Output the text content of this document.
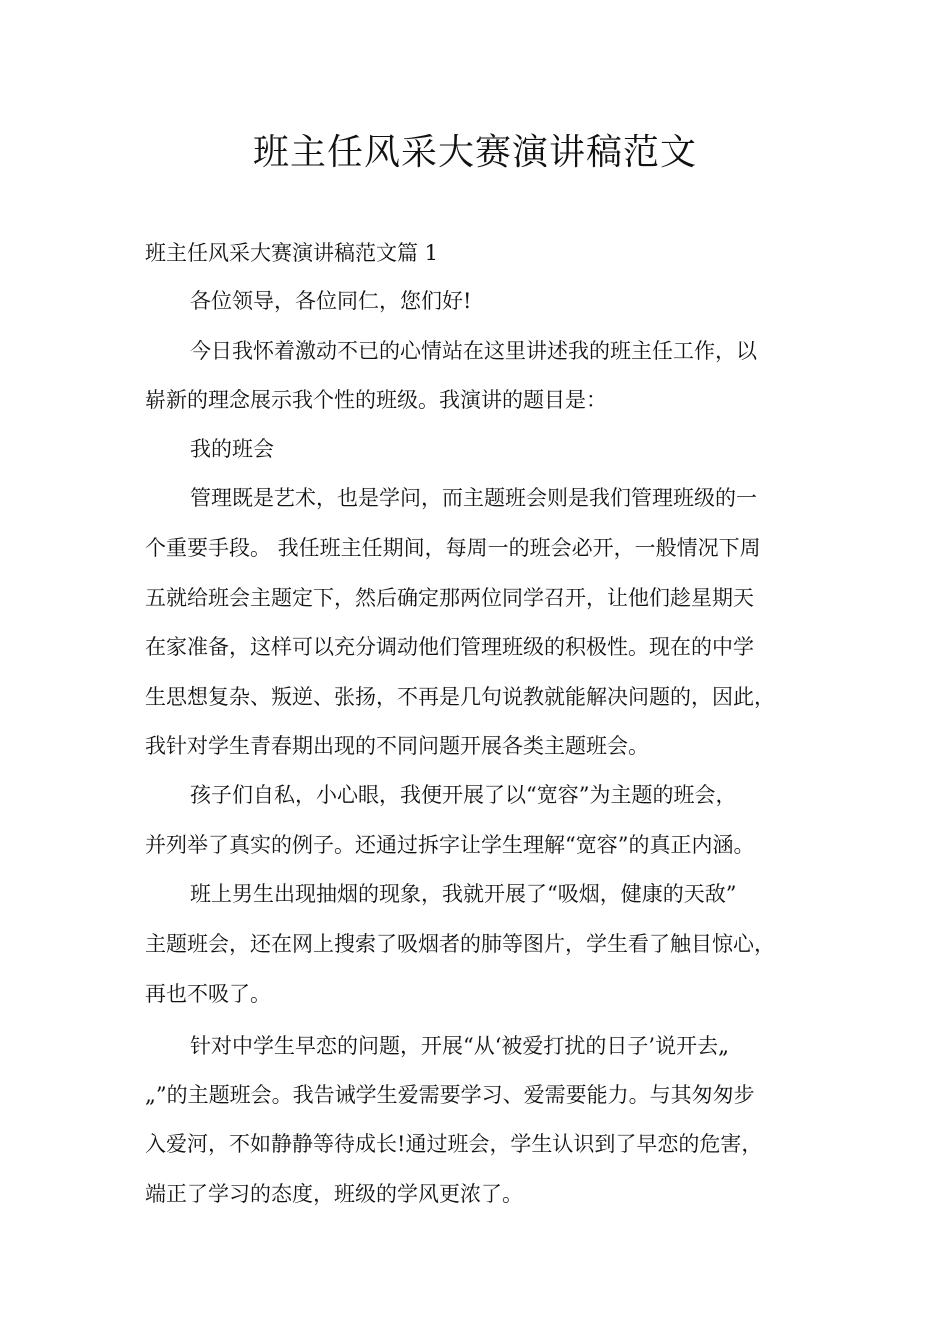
班主任风采大赛演讲稿范文
班主任风采大赛演讲稿范文篇 1
各位领导，各位同仁，您们好!
今日我怀着激动不已的心情站在这里讲述我的班主任工作，以
崭新的理念展示我个性的班级。我演讲的题目是：
我的班会
管理既是艺术，也是学问，而主题班会则是我们管理班级的一
个重要手段。 我任班主任期间，每周一的班会必开，一般情况下周
五就给班会主题定下，然后确定那两位同学召开，让他们趁星期天
在家准备，这样可以充分调动他们管理班级的积极性。现在的中学
生思想复杂、叛逆、张扬，不再是几句说教就能解决问题的，因此，
我针对学生青春期出现的不同问题开展各类主题班会。
孩子们自私，小心眼，我便开展了以“宽容”为主题的班会，
并列举了真实的例子。还通过拆字让学生理解“宽容”的真正内涵。
班上男生出现抽烟的现象，我就开展了“吸烟，健康的天敌”
主题班会，还在网上搜索了吸烟者的肺等图片，学生看了触目惊心，
再也不吸了。
针对中学生早恋的问题，开展“从‘被爱打扰的日子’说开去„
„”的主题班会。我告诫学生爱需要学习、爱需要能力。与其匆匆步
入爱河，不如静静等待成长!通过班会，学生认识到了早恋的危害，
端正了学习的态度，班级的学风更浓了。
